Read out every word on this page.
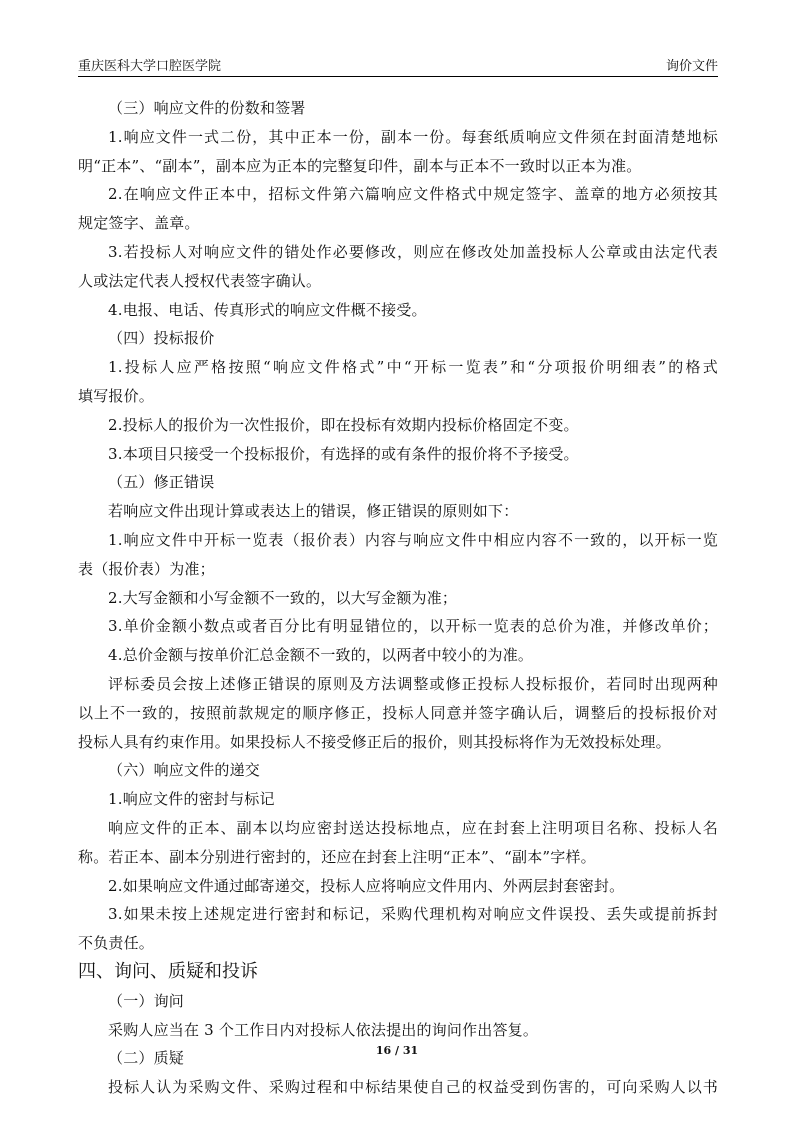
重庆医科大学口腔医学院	询价文件
（三）响应文件的份数和签署
1.响应文件一式二份，其中正本一份，副本一份。每套纸质响应文件须在封面清楚地标
明“正本”、“副本”，副本应为正本的完整复印件，副本与正本不一致时以正本为准。
2.在响应文件正本中，招标文件第六篇响应文件格式中规定签字、盖章的地方必须按其
规定签字、盖章。
3.若投标人对响应文件的错处作必要修改，则应在修改处加盖投标人公章或由法定代表
人或法定代表人授权代表签字确认。
4.电报、电话、传真形式的响应文件概不接受。
（四）投标报价
1.投标人应严格按照“响应文件格式”中“开标一览表”和“分项报价明细表”的格式
填写报价。
2.投标人的报价为一次性报价，即在投标有效期内投标价格固定不变。
3.本项目只接受一个投标报价，有选择的或有条件的报价将不予接受。
（五）修正错误
若响应文件出现计算或表达上的错误，修正错误的原则如下：
1.响应文件中开标一览表（报价表）内容与响应文件中相应内容不一致的，以开标一览
表（报价表）为准；
2.大写金额和小写金额不一致的，以大写金额为准；
3.单价金额小数点或者百分比有明显错位的，以开标一览表的总价为准，并修改单价；
4.总价金额与按单价汇总金额不一致的，以两者中较小的为准。
评标委员会按上述修正错误的原则及方法调整或修正投标人投标报价，若同时出现两种
以上不一致的，按照前款规定的顺序修正，投标人同意并签字确认后，调整后的投标报价对
投标人具有约束作用。如果投标人不接受修正后的报价，则其投标将作为无效投标处理。
（六）响应文件的递交
1.响应文件的密封与标记
响应文件的正本、副本以均应密封送达投标地点，应在封套上注明项目名称、投标人名
称。若正本、副本分别进行密封的，还应在封套上注明“正本”、“副本”字样。
2.如果响应文件通过邮寄递交，投标人应将响应文件用内、外两层封套密封。
3.如果未按上述规定进行密封和标记，采购代理机构对响应文件误投、丢失或提前拆封
不负责任。
四、询问、质疑和投诉
（一）询问
采购人应当在 3 个工作日内对投标人依法提出的询问作出答复。
（二）质疑
投标人认为采购文件、采购过程和中标结果使自己的权益受到伤害的，可向采购人以书
16 / 31
